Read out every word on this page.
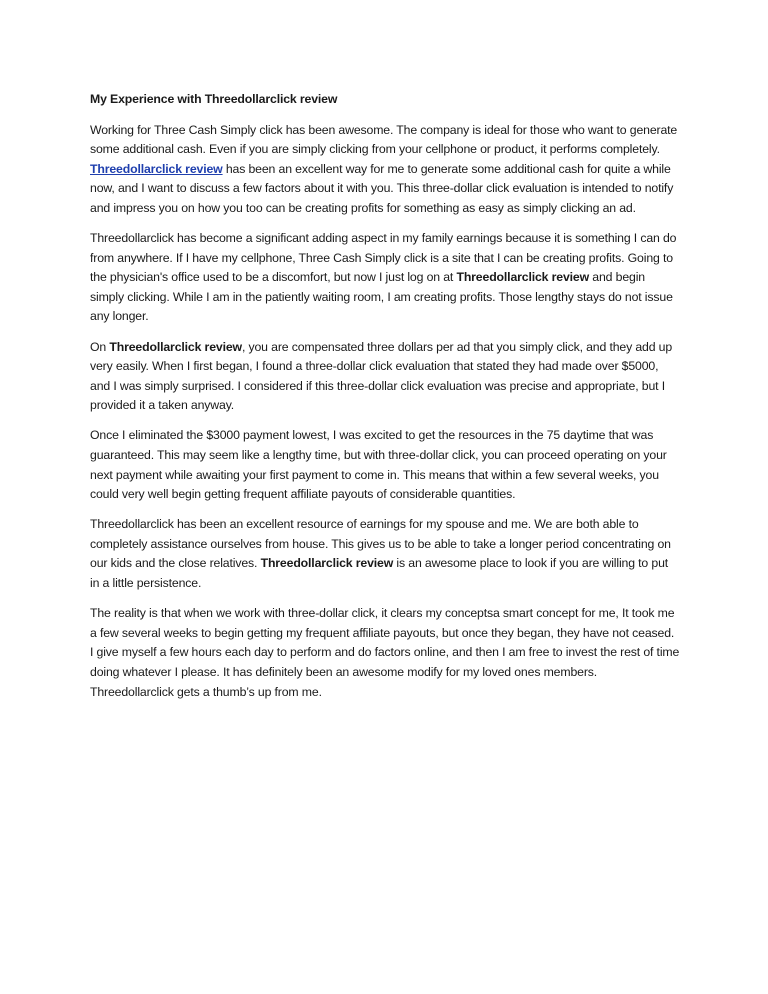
My Experience with Threedollarclick review

Working for Three Cash Simply click has been awesome. The company is ideal for those who want to generate some additional cash. Even if you are simply clicking from your cellphone or product, it performs completely. Threedollarclick review has been an excellent way for me to generate some additional cash for quite a while now, and I want to discuss a few factors about it with you. This three-dollar click evaluation is intended to notify and impress you on how you too can be creating profits for something as easy as simply clicking an ad.

Threedollarclick has become a significant adding aspect in my family earnings because it is something I can do from anywhere. If I have my cellphone, Three Cash Simply click is a site that I can be creating profits. Going to the physician's office used to be a discomfort, but now I just log on at Threedollarclick review and begin simply clicking. While I am in the patiently waiting room, I am creating profits. Those lengthy stays do not issue any longer.

On Threedollarclick review, you are compensated three dollars per ad that you simply click, and they add up very easily. When I first began, I found a three-dollar click evaluation that stated they had made over $5000, and I was simply surprised. I considered if this three-dollar click evaluation was precise and appropriate, but I provided it a taken anyway.

Once I eliminated the $3000 payment lowest, I was excited to get the resources in the 75 daytime that was guaranteed. This may seem like a lengthy time, but with three-dollar click, you can proceed operating on your next payment while awaiting your first payment to come in. This means that within a few several weeks, you could very well begin getting frequent affiliate payouts of considerable quantities.

Threedollarclick has been an excellent resource of earnings for my spouse and me. We are both able to completely assistance ourselves from house. This gives us to be able to take a longer period concentrating on our kids and the close relatives. Threedollarclick review is an awesome place to look if you are willing to put in a little persistence.

The reality is that when we work with three-dollar click, it clears my conceptsa smart concept for me, It took me a few several weeks to begin getting my frequent affiliate payouts, but once they began, they have not ceased. I give myself a few hours each day to perform and do factors online, and then I am free to invest the rest of time doing whatever I please. It has definitely been an awesome modify for my loved ones members. Threedollarclick gets a thumb’s up from me.
